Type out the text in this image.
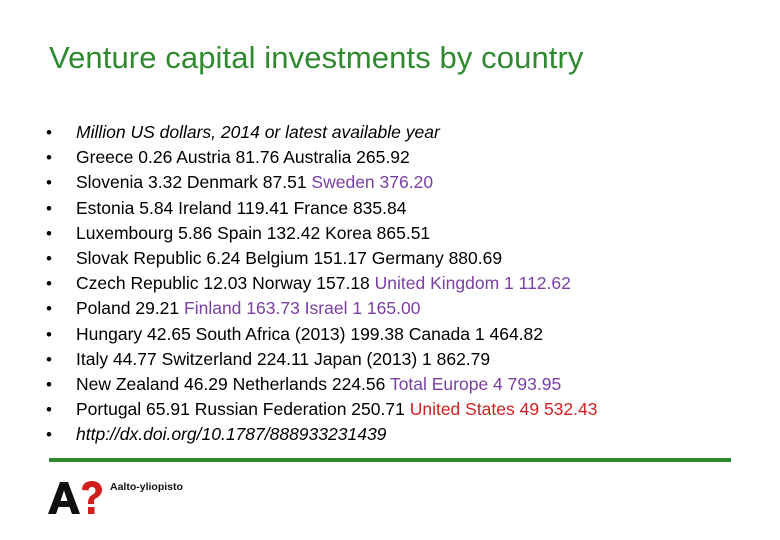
Venture capital investments by country
•	Million US dollars, 2014 or latest available year
•	Greece 0.26 Austria 81.76 Australia 265.92
•	Slovenia 3.32 Denmark 87.51 Sweden 376.20
•	Estonia 5.84 Ireland 119.41 France 835.84
•	Luxembourg 5.86 Spain 132.42 Korea 865.51
•	Slovak Republic 6.24 Belgium 151.17 Germany 880.69
•	Czech Republic 12.03 Norway 157.18 United Kingdom 1 112.62
•	Poland 29.21 Finland 163.73 Israel 1 165.00
•	Hungary 42.65 South Africa (2013) 199.38 Canada 1 464.82
•	Italy 44.77 Switzerland 224.11 Japan (2013) 1 862.79
•	New Zealand 46.29 Netherlands 224.56 Total Europe 4 793.95
•	Portugal 65.91 Russian Federation 250.71 United States 49 532.43
•	http://dx.doi.org/10.1787/888933231439
Aalto-yliopisto
